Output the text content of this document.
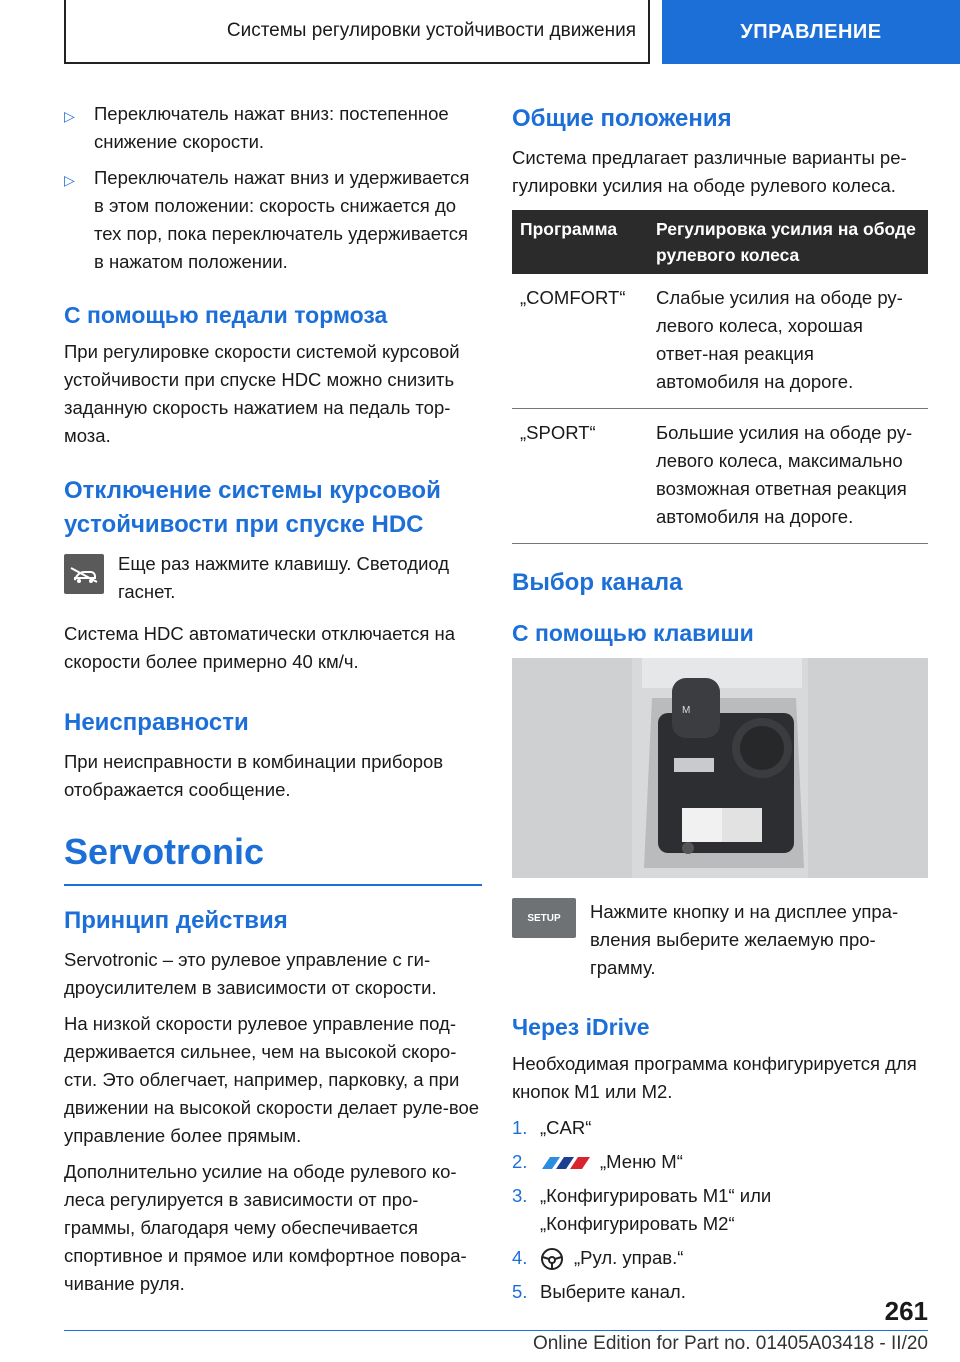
Системы регулировки устойчивости движения	УПРАВЛЕНИЕ
▷	Переключатель нажат вниз: постепенное снижение скорости.
▷	Переключатель нажат вниз и удерживается в этом положении: скорость снижается до тех пор, пока переключатель удерживается в нажатом положении.
С помощью педали тормоза

При регулировке скорости системой курсовой устойчивости при спуске HDC можно снизить заданную скорость нажатием на педаль тор-моза.

Отключение системы курсовой устойчивости при спуске HDC

Еще раз нажмите клавишу. Светодиод гаснет.

Система HDC автоматически отключается на скорости более примерно 40 км/ч.

Неисправности

При неисправности в комбинации приборов отображается сообщение.

Servotronic
Принцип действия

Servotronic – это рулевое управление с ги-дроусилителем в зависимости от скорости.

На низкой скорости рулевое управление под-держивается сильнее, чем на высокой скоро-сти. Это облегчает, например, парковку, а при движении на высокой скорости делает руле-вое управление более прямым.

Дополнительно усилие на ободе рулевого ко-леса регулируется в зависимости от про-граммы, благодаря чему обеспечивается спортивное и прямое или комфортное повора-чивание руля.

Общие положения

Система предлагает различные варианты ре-гулировки усилия на ободе рулевого колеса.

Программа	Регулировка усилия на ободе рулевого колеса
„COMFORT“	Слабые усилия на ободе ру-левого колеса, хорошая ответ-ная реакция автомобиля на дороге.
„SPORT“	Большие усилия на ободе ру-левого колеса, максимально возможная ответная реакция автомобиля на дороге.
Выбор канала
С помощью клавиши
M
SETUP	Нажмите кнопку и на дисплее упра-вления выберите желаемую про-грамму.

Через iDrive

Необходимая программа конфигурируется для кнопок M1 или M2.

1. „CAR“
2.	„Меню M“
3. „Конфигурировать M1“ или „Конфигурировать M2“
4.	„Рул. управ.“
5. Выберите канал.
261
Online Edition for Part no. 01405A03418 - II/20
